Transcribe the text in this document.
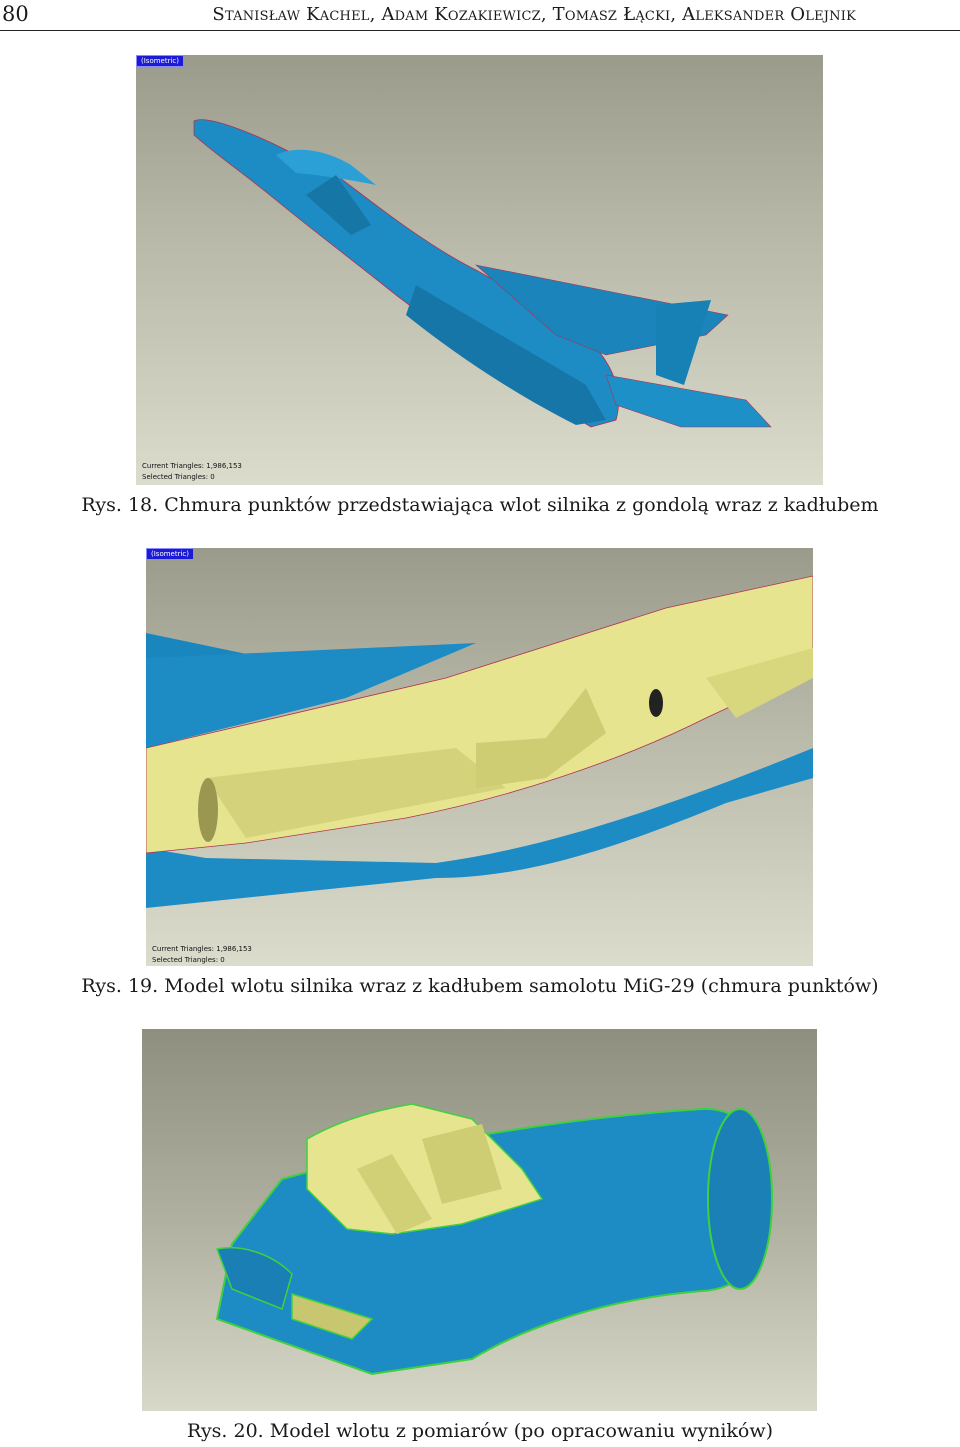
80	Stanisław Kachel, Adam Kozakiewicz, Tomasz Łącki, Aleksander Olejnik
(Isometric)
Current Triangles: 1,986,153
Selected Triangles: 0
Rys. 18. Chmura punktów przedstawiająca wlot silnika z gondolą wraz z kadłubem
(Isometric)
Current Triangles: 1,986,153
Selected Triangles: 0
Rys. 19. Model wlotu silnika wraz z kadłubem samolotu MiG-29 (chmura punktów)
Rys. 20. Model wlotu z pomiarów (po opracowaniu wyników)
